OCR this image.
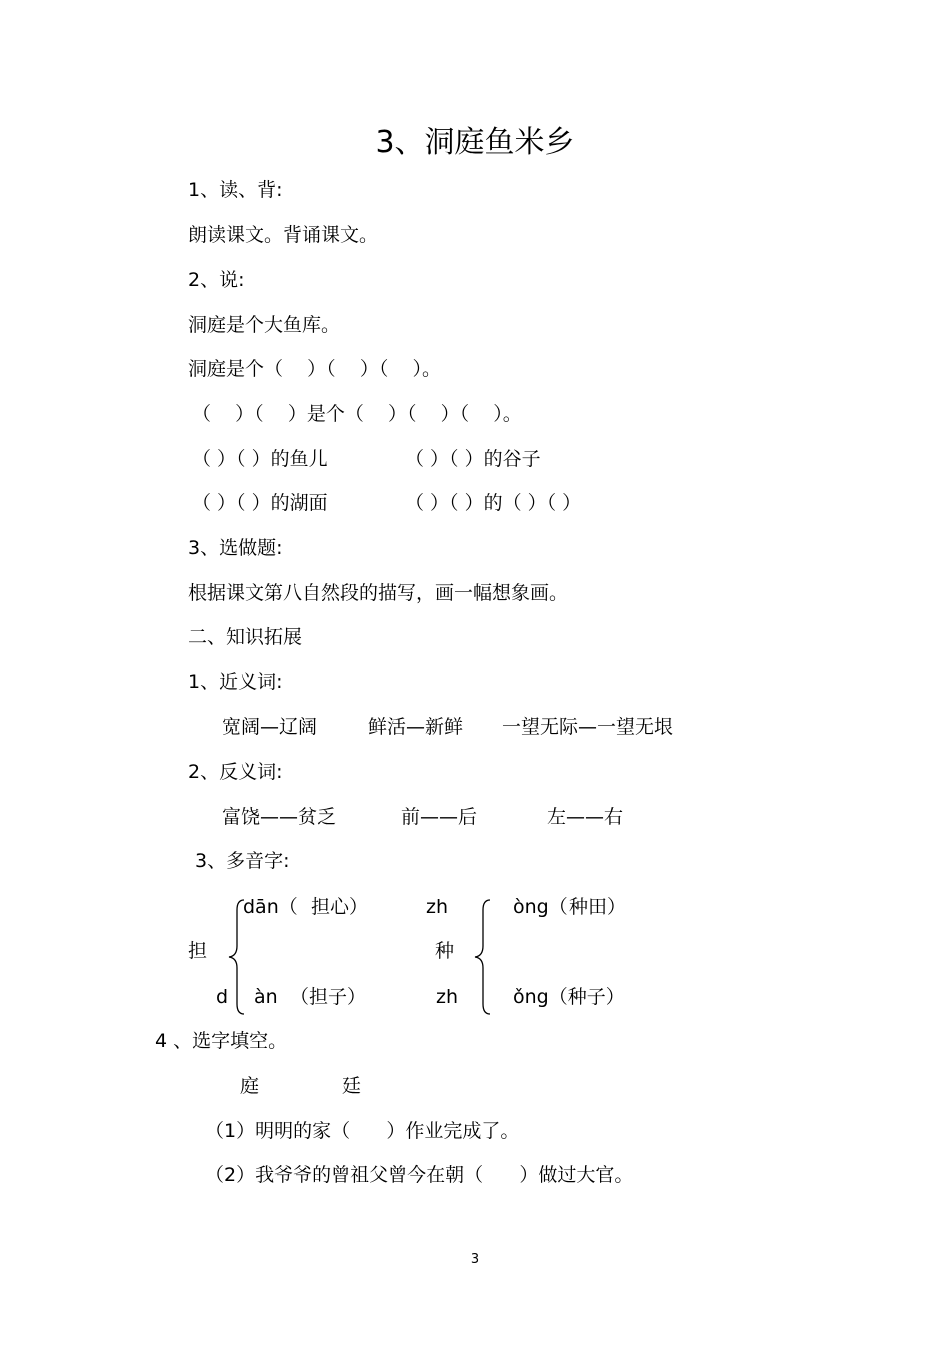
3、洞庭鱼米乡
1、读、背:
朗读课文。背诵课文。
2、说:
洞庭是个大鱼库。
洞庭是个（    ）（    ）（    ）。
（    ）（    ）是个（    ）（    ）（    ）。
（ ）（ ）的鱼儿	（ ）（ ）的谷子
（ ）（ ）的湖面	（ ）（ ）的（ ）（ ）
3、选做题:
根据课文第八自然段的描写，画一幅想象画。
二、知识拓展
1、近义词:
宽阔—辽阔	鲜活—新鲜 一望无际—一望无垠
2、反义词:
富饶——贫乏	前——后	左——右
3、多音字:
dān（ 担心）
担
d àn （担子）
zh	òng（ 种田）
种
zh	ǒng（种子）
4 、选字填空。
庭	廷
（1）明明的家（      ）作业完成了。
（2）我爷爷的曾祖父曾今在朝（      ）做过大官。
3
